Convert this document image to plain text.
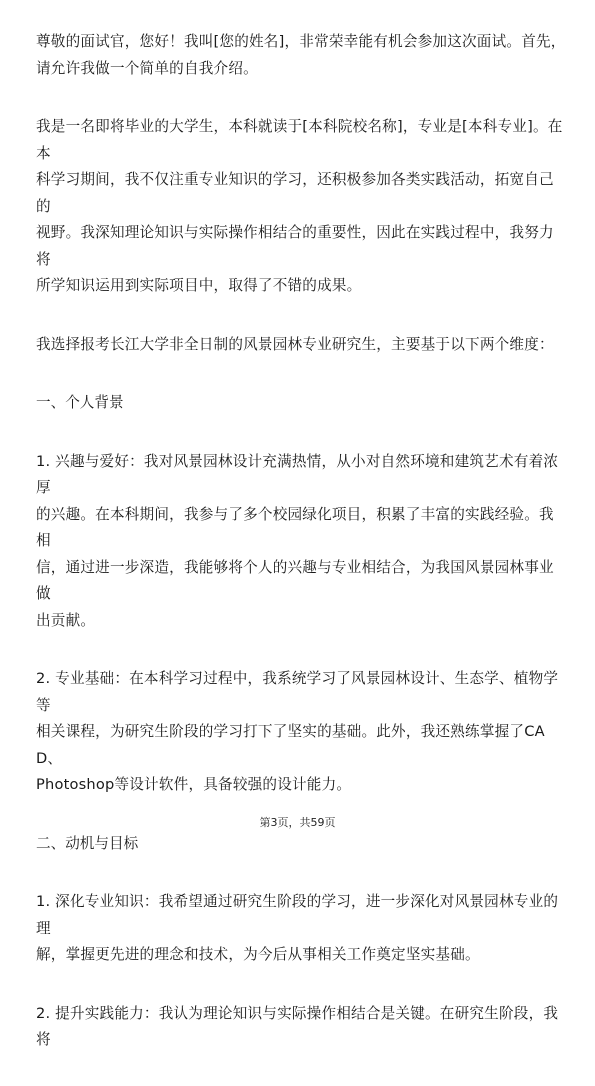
尊敬的面试官，您好！我叫[您的姓名]，非常荣幸能有机会参加这次面试。首先，
请允许我做一个简单的自我介绍。

我是一名即将毕业的大学生，本科就读于[本科院校名称]，专业是[本科专业]。在本
科学习期间，我不仅注重专业知识的学习，还积极参加各类实践活动，拓宽自己的
视野。我深知理论知识与实际操作相结合的重要性，因此在实践过程中，我努力将
所学知识运用到实际项目中，取得了不错的成果。

我选择报考长江大学非全日制的风景园林专业研究生，主要基于以下两个维度：

一、个人背景

1. 兴趣与爱好：我对风景园林设计充满热情，从小对自然环境和建筑艺术有着浓厚
的兴趣。在本科期间，我参与了多个校园绿化项目，积累了丰富的实践经验。我相
信，通过进一步深造，我能够将个人的兴趣与专业相结合，为我国风景园林事业做
出贡献。

2. 专业基础：在本科学习过程中，我系统学习了风景园林设计、生态学、植物学等
相关课程，为研究生阶段的学习打下了坚实的基础。此外，我还熟练掌握了CAD、
Photoshop等设计软件，具备较强的设计能力。

二、动机与目标

1. 深化专业知识：我希望通过研究生阶段的学习，进一步深化对风景园林专业的理
解，掌握更先进的理念和技术，为今后从事相关工作奠定坚实基础。

2. 提升实践能力：我认为理论知识与实际操作相结合是关键。在研究生阶段，我将

第3页，共59页
